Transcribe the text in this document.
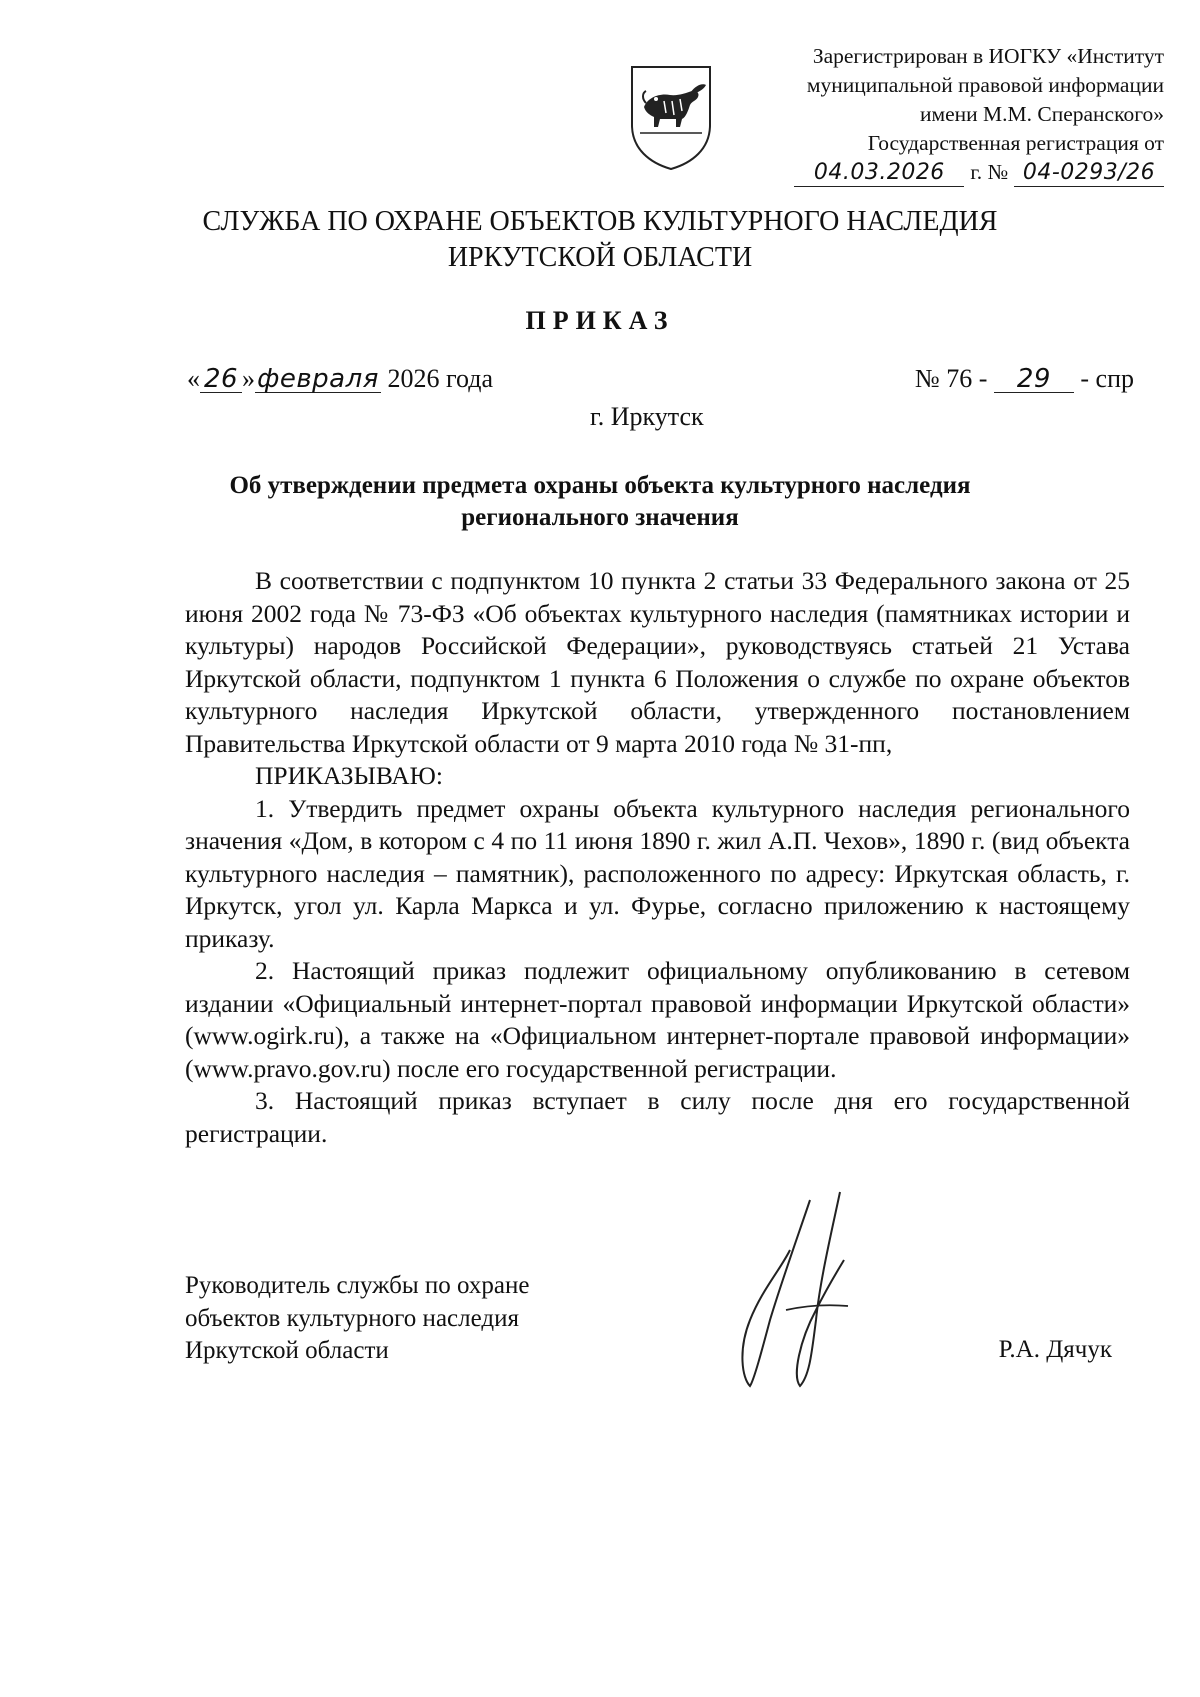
Зарегистрирован в ИОГКУ «Институт
муниципальной правовой информации
имени М.М. Сперанского»
Государственная регистрация от
04.03.2026	г. № 04-0293/26
СЛУЖБА ПО ОХРАНЕ ОБЪЕКТОВ КУЛЬТУРНОГО НАСЛЕДИЯ
ИРКУТСКОЙ ОБЛАСТИ
ПРИКАЗ
« 26 »февраля 2026 года	№ 76 - 29 - спр
г. Иркутск
Об утверждении предмета охраны объекта культурного наследия
регионального значения

В соответствии с подпунктом 10 пункта 2 статьи 33 Федерального закона от 25 июня 2002 года № 73-ФЗ «Об объектах культурного наследия (памятниках истории и культуры) народов Российской Федерации», руководствуясь статьей 21 Устава Иркутской области, подпунктом 1 пункта 6 Положения о службе по охране объектов культурного наследия Иркутской области, утвержденного постановлением Правительства Иркутской области от 9 марта 2010 года № 31-пп,

ПРИКАЗЫВАЮ:

1. Утвердить предмет охраны объекта культурного наследия регионального значения «Дом, в котором с 4 по 11 июня 1890 г. жил А.П. Чехов», 1890 г. (вид объекта культурного наследия – памятник), расположенного по адресу: Иркутская область, г. Иркутск, угол ул. Карла Маркса и ул. Фурье, согласно приложению к настоящему приказу.

2. Настоящий приказ подлежит официальному опубликованию в сетевом издании «Официальный интернет-портал правовой информации Иркутской области» (www.ogirk.ru), а также на «Официальном интернет-портале правовой информации» (www.pravo.gov.ru) после его государственной регистрации.

3. Настоящий приказ вступает в силу после дня его государственной регистрации.

Руководитель службы по охране
объектов культурного наследия
Иркутской области	Р.А. Дячук
